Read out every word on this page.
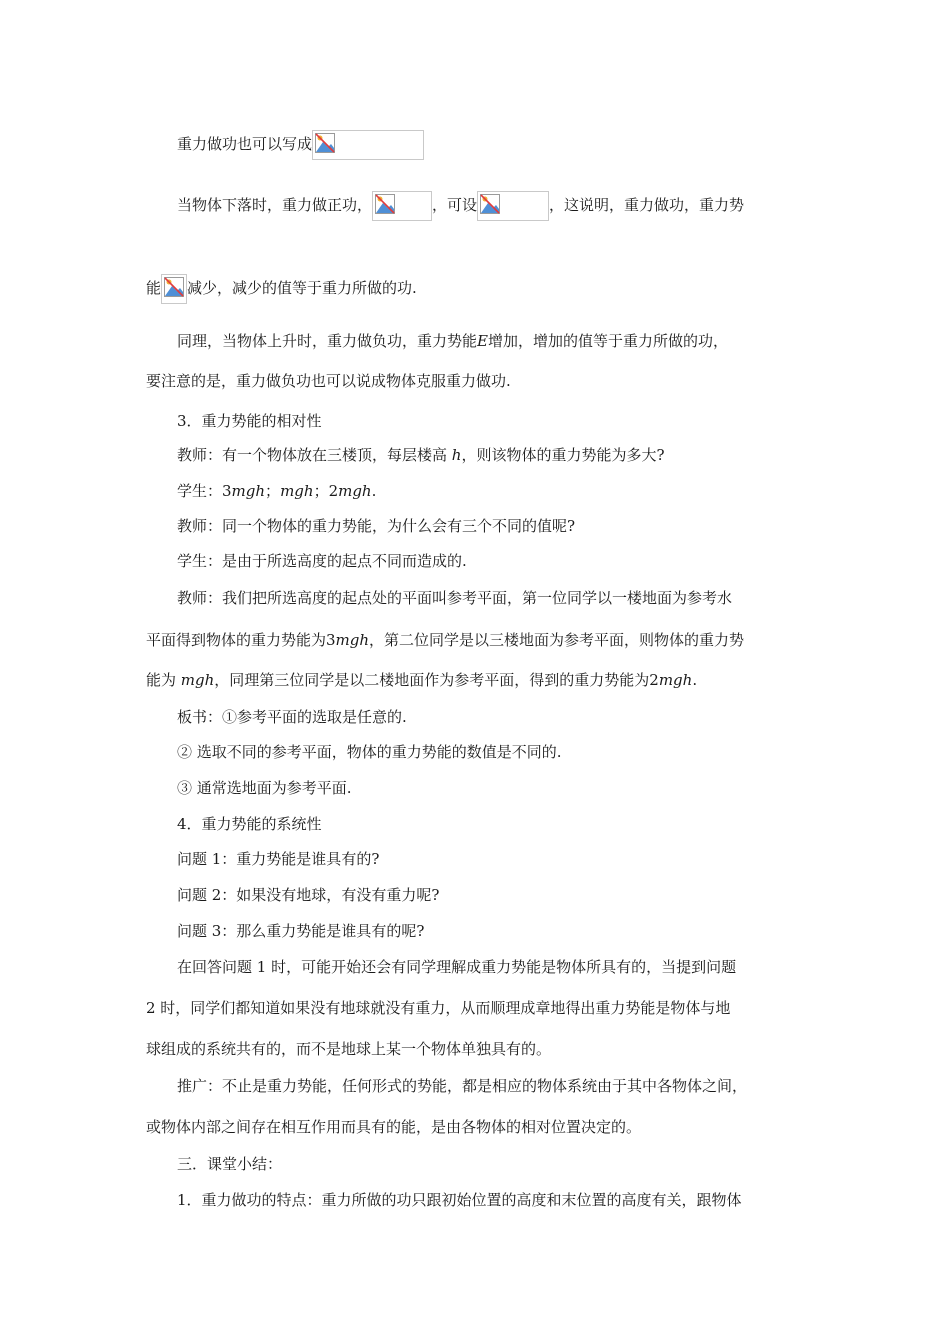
重力做功也可以写成
当物体下落时，重力做正功，	，可设	，这说明，重力做功，重力势
能 减少，减少的值等于重力所做的功.
同理，当物体上升时，重力做负功，重力势能E增加，增加的值等于重力所做的功，
要注意的是，重力做负功也可以说成物体克服重力做功.
3．重力势能的相对性
教师：有一个物体放在三楼顶，每层楼高 h，则该物体的重力势能为多大?
学生：3mgh；mgh；2mgh.
教师：同一个物体的重力势能，为什么会有三个不同的值呢?
学生：是由于所选高度的起点不同而造成的.
教师：我们把所选高度的起点处的平面叫参考平面，第一位同学以一楼地面为参考水
平面得到物体的重力势能为3mgh，第二位同学是以三楼地面为参考平面，则物体的重力势
能为 mgh，同理第三位同学是以二楼地面作为参考平面，得到的重力势能为2mgh.
板书：①参考平面的选取是任意的.
② 选取不同的参考平面，物体的重力势能的数值是不同的.
③ 通常选地面为参考平面.
4．重力势能的系统性
问题 1：重力势能是谁具有的?
问题 2：如果没有地球，有没有重力呢?
问题 3：那么重力势能是谁具有的呢?
在回答问题 1 时，可能开始还会有同学理解成重力势能是物体所具有的，当提到问题
2 时，同学们都知道如果没有地球就没有重力，从而顺理成章地得出重力势能是物体与地
球组成的系统共有的，而不是地球上某一个物体单独具有的。
推广：不止是重力势能，任何形式的势能，都是相应的物体系统由于其中各物体之间，
或物体内部之间存在相互作用而具有的能，是由各物体的相对位置决定的。
三．课堂小结：
1．重力做功的特点：重力所做的功只跟初始位置的高度和末位置的高度有关，跟物体
